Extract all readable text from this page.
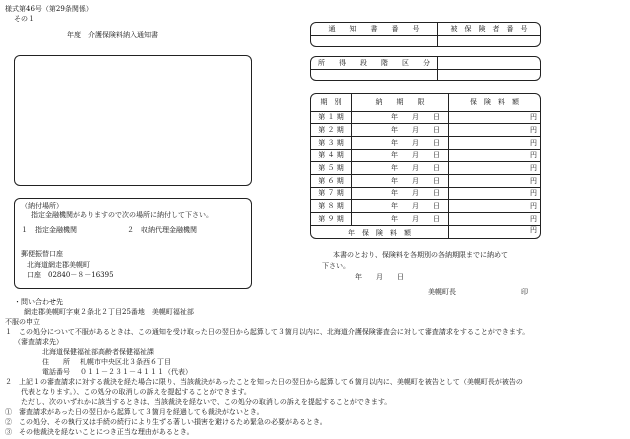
様式第46号（第29条関係）
その１
年度　介護保険料納入通知書
通　　知　　書　　番　　号	被　保　険　者　番　号

所　　得　　段　　階　　区　　分	

期　別	納　　期　　限	保　険　料　額
第 １ 期	年　　月　　日	円
第 ２ 期	年　　月　　日	円
第 ３ 期	年　　月　　日	円
第 ４ 期	年　　月　　日	円
第 ５ 期	年　　月　　日	円
第 ６ 期	年　　月　　日	円
第 ７ 期	年　　月　　日	円
第 ８ 期	年　　月　　日	円
第 ９ 期	年　　月　　日	円
年　保　険　料　額		円
本書のとおり、保険料を各期別の各納期限までに納めて
下さい。
年　　月　　日
美幌町長	印
（納付場所）
指定金融機関がありますので次の場所に納付して下さい。
１　指定金融機関	２　収納代理金融機関
郵便振替口座
北海道網走郡美幌町
口座　02840－８－16395
・問い合わせ先
網走郡美幌町字東２条北２丁目25番地　美幌町福祉部
不服の申立
１　この処分について不服があるときは、この通知を受け取った日の翌日から起算して３箇月以内に、北海道介護保険審査会に対して審査請求をすることができます。
（審査請求先）
北海道保健福祉部高齢者保健福祉課
住　　所 札幌市中央区北３条西６丁目
電話番号 ０１１－２３１－４１１１（代表）
２　上記１の審査請求に対する裁決を経た場合に限り、当該裁決があったことを知った日の翌日から起算して６箇月以内に、美幌町を被告として（美幌町長が被告の
代表となります。）、この処分の取消しの訴えを提起することができます。
ただし、次のいずれかに該当するときは、当該裁決を経ないで、この処分の取消しの訴えを提起することができます。
①　審査請求があった日の翌日から起算して３箇月を経過しても裁決がないとき。
②　この処分、その執行又は手続の続行により生ずる著しい損害を避けるため緊急の必要があるとき。
③　その他裁決を経ないことにつき正当な理由があるとき。
